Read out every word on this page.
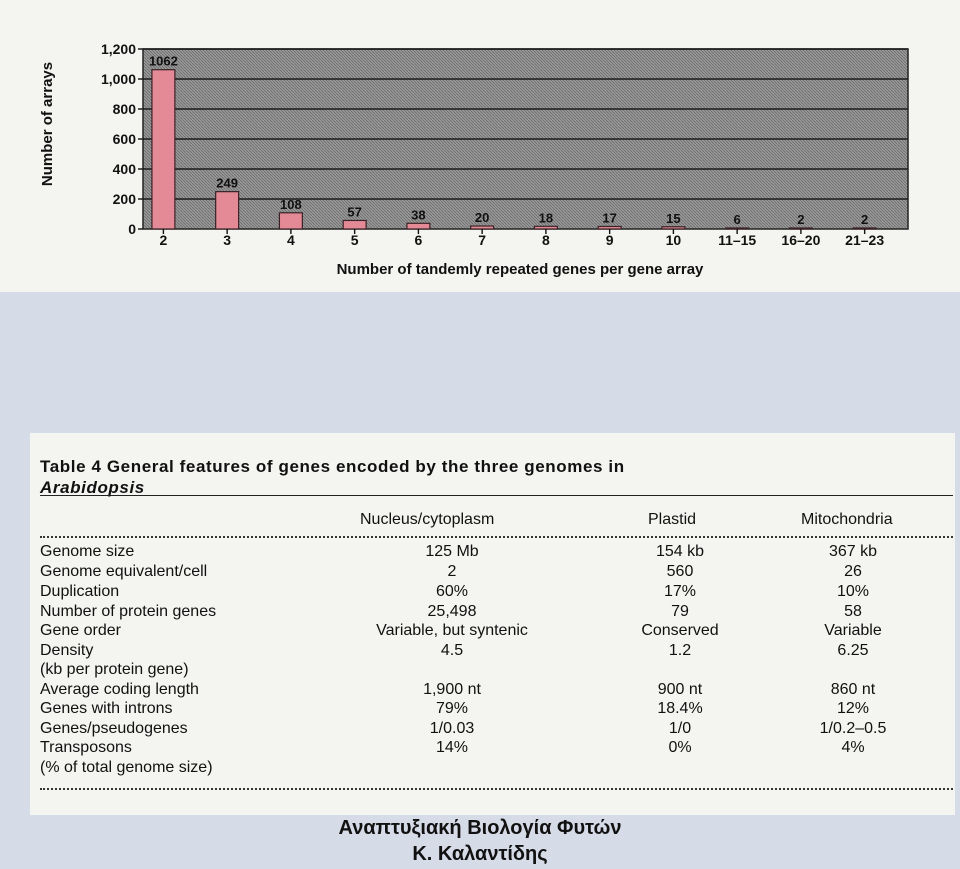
1062
249
108
57	38	20	18	17	15	6	2	2
0
200
400
600
800
1,000
1,200
2	3	4	5	6	7	8	9	10	11–15 16–20 21–23
Number of tandemly repeated genes per gene array
Number of arrays
Table 4 General features of genes encoded by the three genomes in
Arabidopsis
Nucleus/cytoplasm	Plastid	Mitochondria
Genome size	125 Mb	154 kb	367 kb
Genome equivalent/cell	2	560	26
Duplication	60%	17%	10%
Number of protein genes	25,498	79	58
Gene order	Variable, but syntenic	Conserved	Variable
Density	4.5	1.2	6.25
(kb per protein gene)
Average coding length	1,900 nt	900 nt	860 nt
Genes with introns	79%	18.4%	12%
Genes/pseudogenes	1/0.03	1/0	1/0.2–0.5
Transposons	14%	0%	4%
(% of total genome size)
Αναπτυξιακή Βιολογία Φυτών
Κ. Καλαντίδης
